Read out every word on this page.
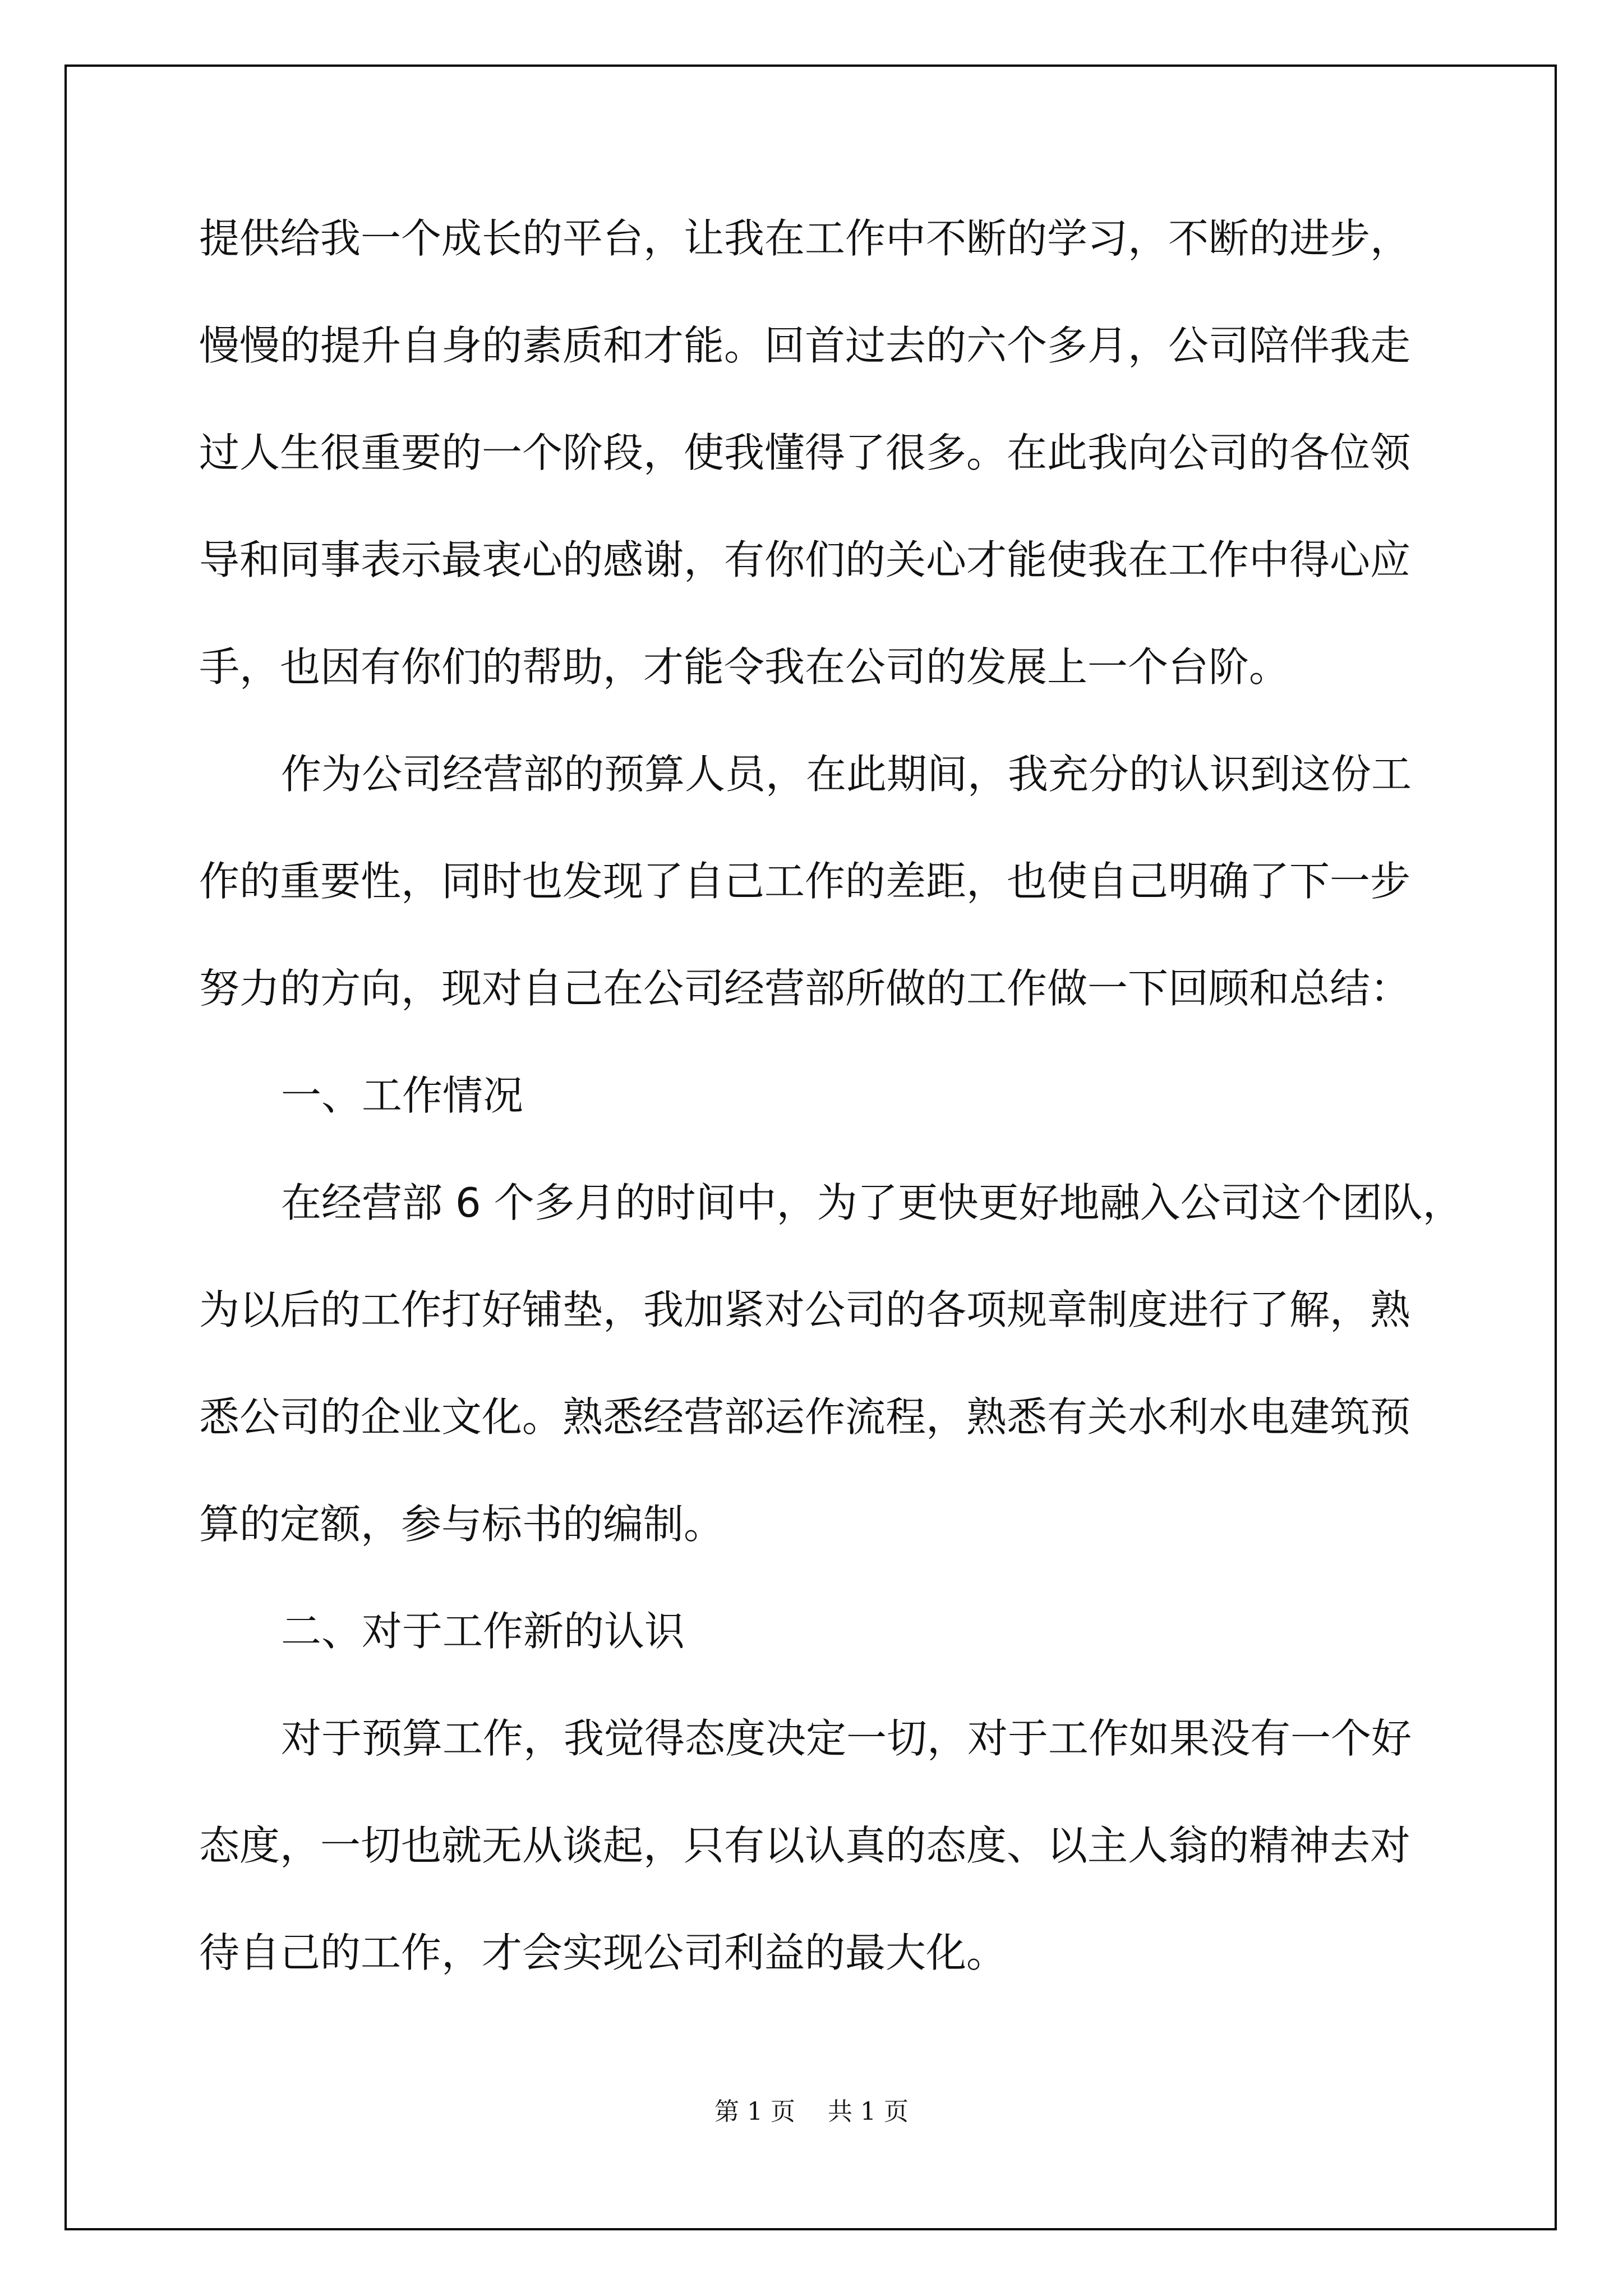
提供给我一个成长的平台，让我在工作中不断的学习，不断的进步，
慢慢的提升自身的素质和才能。回首过去的六个多月，公司陪伴我走
过人生很重要的一个阶段，使我懂得了很多。在此我向公司的各位领
导和同事表示最衷心的感谢，有你们的关心才能使我在工作中得心应
手，也因有你们的帮助，才能令我在公司的发展上一个台阶。
作为公司经营部的预算人员，在此期间，我充分的认识到这份工
作的重要性，同时也发现了自己工作的差距，也使自己明确了下一步
努力的方向，现对自己在公司经营部所做的工作做一下回顾和总结：
一、工作情况
在经营部 6 个多月的时间中，为了更快更好地融入公司这个团队，
为以后的工作打好铺垫，我加紧对公司的各项规章制度进行了解，熟
悉公司的企业文化。熟悉经营部运作流程，熟悉有关水利水电建筑预
算的定额，参与标书的编制。
二、对于工作新的认识
对于预算工作，我觉得态度决定一切，对于工作如果没有一个好
态度，一切也就无从谈起，只有以认真的态度、以主人翁的精神去对
待自己的工作，才会实现公司利益的最大化。
第 1 页　 共 1 页
